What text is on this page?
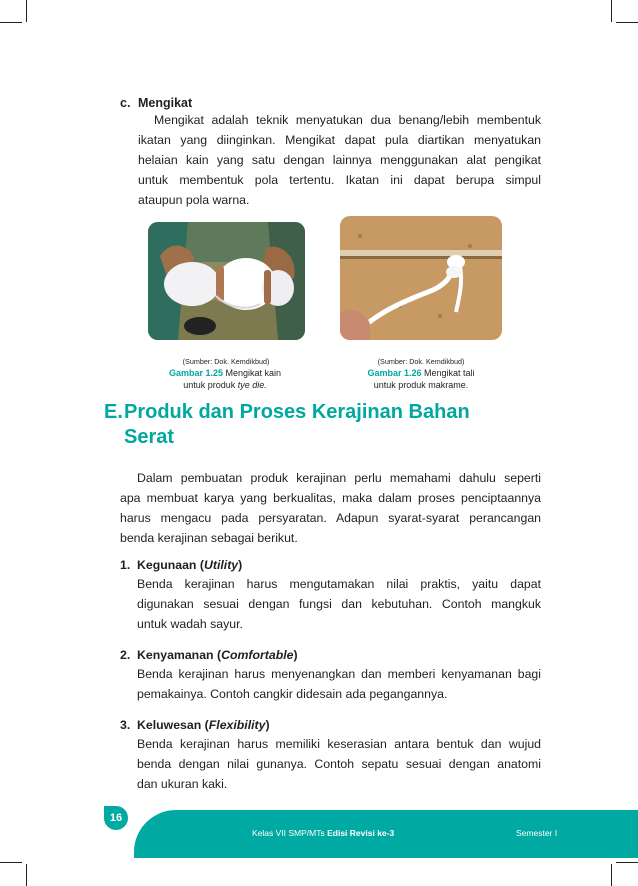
c. Mengikat
Mengikat adalah teknik menyatukan dua benang/lebih membentuk
ikatan yang diinginkan. Mengikat dapat pula diartikan menyatukan
helaian kain yang satu dengan lainnya menggunakan alat pengikat
untuk membentuk pola tertentu. Ikatan ini dapat berupa simpul
ataupun pola warna.
(Sumber: Dok. Kemdikbud)
Gambar 1.25 Mengikat kain
untuk produk tye die.
(Sumber: Dok. Kemdikbud)
Gambar 1.26 Mengikat tali
untuk produk makrame.
E.Produk dan Proses Kerajinan Bahan
Serat
Dalam pembuatan produk kerajinan perlu memahami dahulu seperti
apa membuat karya yang berkualitas, maka dalam proses penciptaannya
harus mengacu pada persyaratan. Adapun syarat-syarat perancangan
benda kerajinan sebagai berikut.
1. Kegunaan (Utility)
Benda kerajinan harus mengutamakan nilai praktis, yaitu dapat
digunakan sesuai dengan fungsi dan kebutuhan. Contoh mangkuk
untuk wadah sayur.
2. Kenyamanan (Comfortable)
Benda kerajinan harus menyenangkan dan memberi kenyamanan bagi
pemakainya. Contoh cangkir didesain ada pegangannya.
3. Keluwesan (Flexibility)
Benda kerajinan harus memiliki keserasian antara bentuk dan wujud
benda dengan nilai gunanya. Contoh sepatu sesuai dengan anatomi
dan ukuran kaki.
16
Kelas VII SMP/MTs Edisi Revisi ke-3	Semester I
